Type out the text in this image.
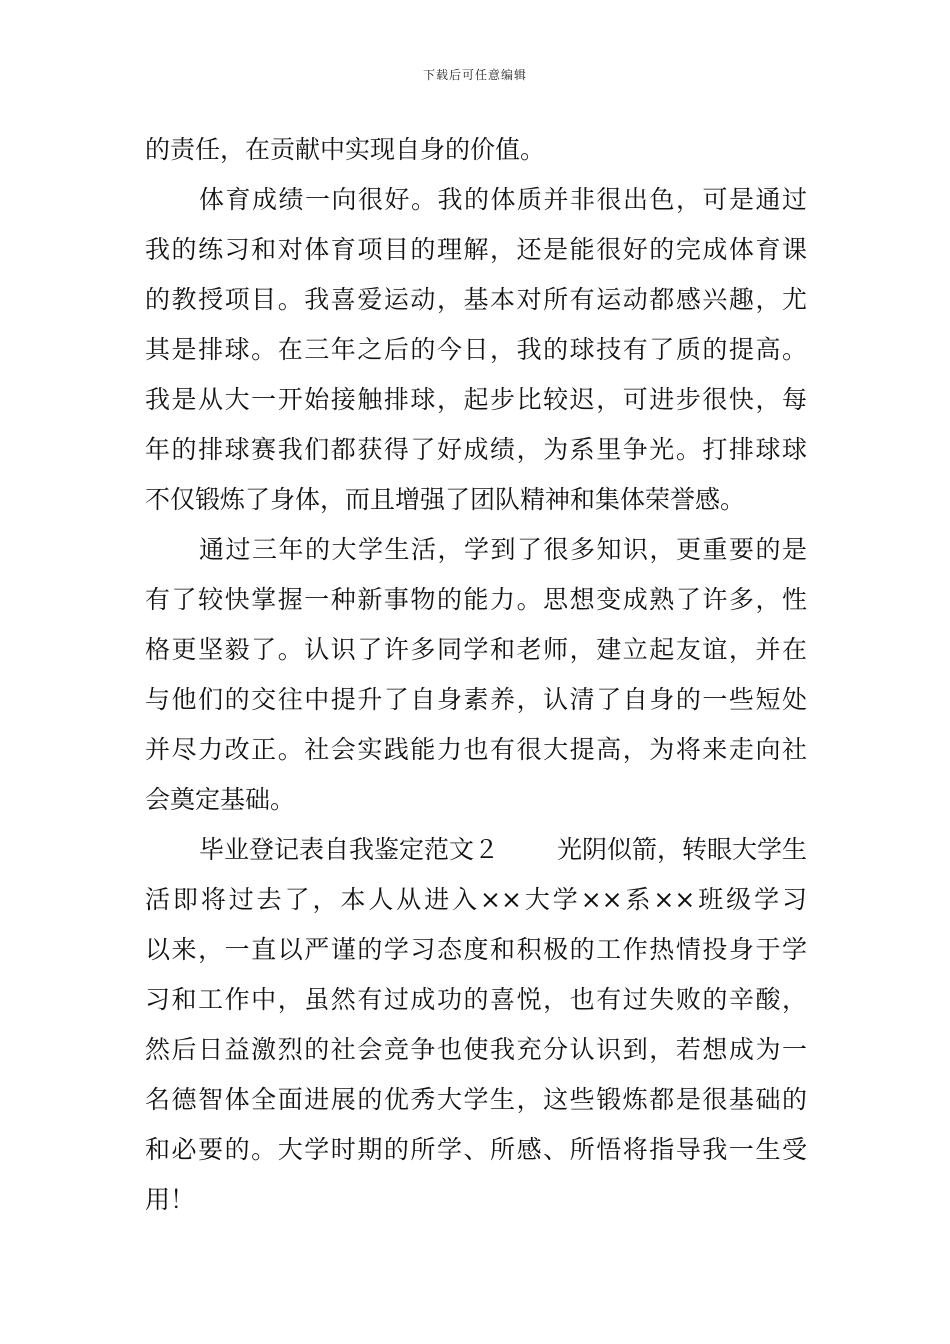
下载后可任意编辑
的责任，在贡献中实现自身的价值。
体育成绩一向很好。我的体质并非很出色，可是通过
我的练习和对体育项目的理解，还是能很好的完成体育课
的教授项目。我喜爱运动，基本对所有运动都感兴趣，尤
其是排球。在三年之后的今日，我的球技有了质的提高。
我是从大一开始接触排球，起步比较迟，可进步很快，每
年的排球赛我们都获得了好成绩，为系里争光。打排球球
不仅锻炼了身体，而且增强了团队精神和集体荣誉感。
通过三年的大学生活，学到了很多知识，更重要的是
有了较快掌握一种新事物的能力。思想变成熟了许多，性
格更坚毅了。认识了许多同学和老师，建立起友谊，并在
与他们的交往中提升了自身素养，认清了自身的一些短处
并尽力改正。社会实践能力也有很大提高，为将来走向社
会奠定基础。
毕业登记表自我鉴定范文２ 光阴似箭，转眼大学生
活即将过去了，本人从进入××大学××系××班级学习
以来，一直以严谨的学习态度和积极的工作热情投身于学
习和工作中，虽然有过成功的喜悦，也有过失败的辛酸，
然后日益激烈的社会竞争也使我充分认识到，若想成为一
名德智体全面进展的优秀大学生，这些锻炼都是很基础的
和必要的。大学时期的所学、所感、所悟将指导我一生受
用！
